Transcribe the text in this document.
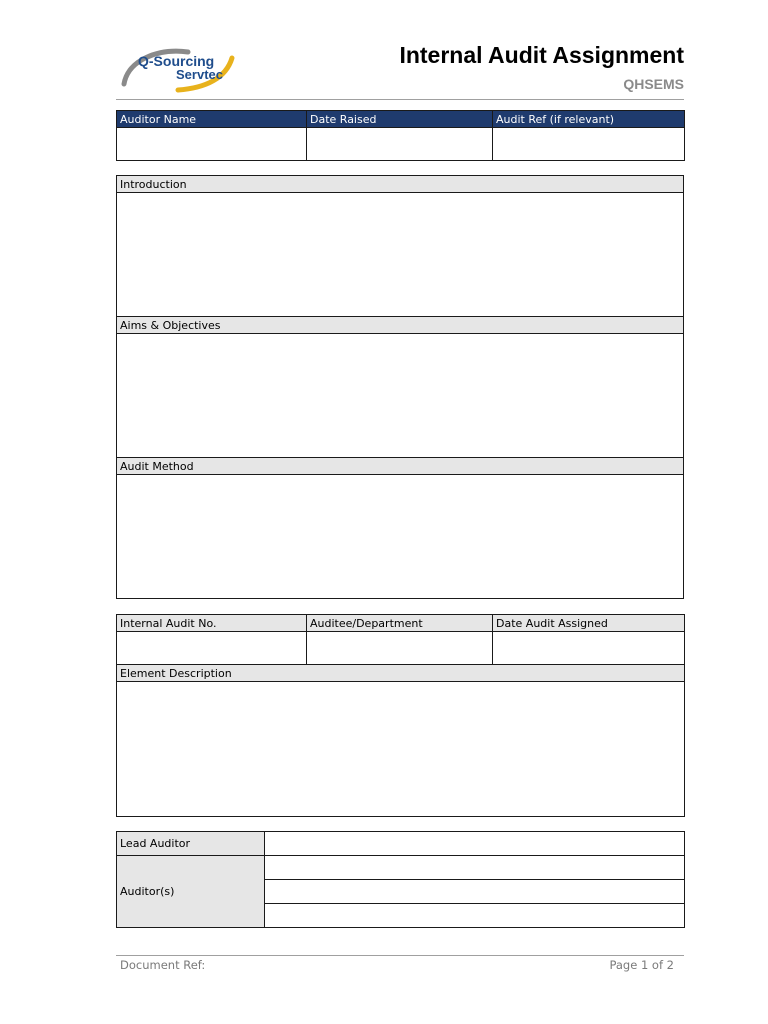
Q-Sourcing
Servtec
Internal Audit Assignment
QHSEMS
Auditor Name	Date Raised	Audit Ref (if relevant)

Introduction

Aims & Objectives

Audit Method

Internal Audit No.	Auditee/Department	Date Audit Assigned

Element Description		

Lead Auditor	
Auditor(s)	

Document Ref:	Page 1 of 2
